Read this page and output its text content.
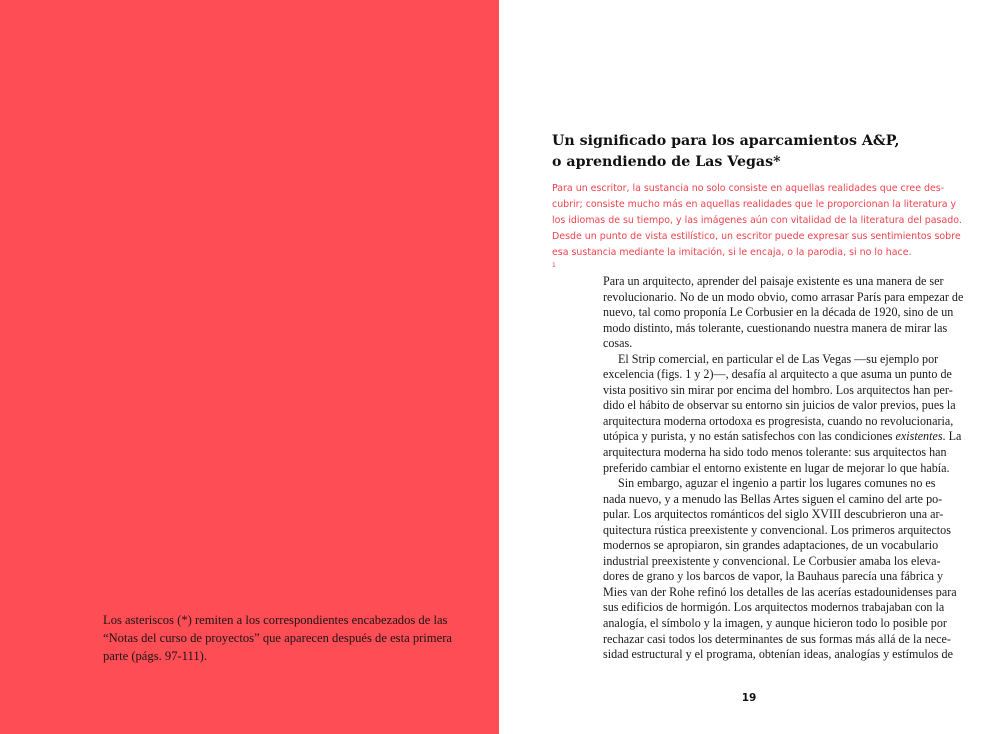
Los asteriscos (*) remiten a los correspondientes encabezados de las
“Notas del curso de proyectos” que aparecen después de esta primera
parte (págs. 97-111).
Un significado para los aparcamientos A&P,
o aprendiendo de Las Vegas*
Para un escritor, la sustancia no solo consiste en aquellas realidades que cree des-
cubrir; consiste mucho más en aquellas realidades que le proporcionan la literatura y
los idiomas de su tiempo, y las imágenes aún con vitalidad de la literatura del pasado.
Desde un punto de vista estilístico, un escritor puede expresar sus sentimientos sobre
esa sustancia mediante la imitación, si le encaja, o la parodia, si no lo hace.
$^1$
Para un arquitecto, aprender del paisaje existente es una manera de ser
revolucionario. No de un modo obvio, como arrasar París para empezar de
nuevo, tal como proponía Le Corbusier en la década de 1920, sino de un
modo distinto, más tolerante, cuestionando nuestra manera de mirar las
cosas.
El Strip comercial, en particular el de Las Vegas —su ejemplo por
excelencia (figs. 1 y 2)—, desafía al arquitecto a que asuma un punto de
vista positivo sin mirar por encima del hombro. Los arquitectos han per-
dido el hábito de observar su entorno sin juicios de valor previos, pues la
arquitectura moderna ortodoxa es progresista, cuando no revolucionaria,
utópica y purista, y no están satisfechos con las condiciones existentes. La
arquitectura moderna ha sido todo menos tolerante: sus arquitectos han
preferido cambiar el entorno existente en lugar de mejorar lo que había.
Sin embargo, aguzar el ingenio a partir los lugares comunes no es
nada nuevo, y a menudo las Bellas Artes siguen el camino del arte po-
pular. Los arquitectos románticos del siglo XVIII descubrieron una ar-
quitectura rústica preexistente y convencional. Los primeros arquitectos
modernos se apropiaron, sin grandes adaptaciones, de un vocabulario
industrial preexistente y convencional. Le Corbusier amaba los eleva-
dores de grano y los barcos de vapor, la Bauhaus parecía una fábrica y
Mies van der Rohe refinó los detalles de las acerías estadounidenses para
sus edificios de hormigón. Los arquitectos modernos trabajaban con la
analogía, el símbolo y la imagen, y aunque hicieron todo lo posible por
rechazar casi todos los determinantes de sus formas más allá de la nece-
sidad estructural y el programa, obtenían ideas, analogías y estímulos de
19
